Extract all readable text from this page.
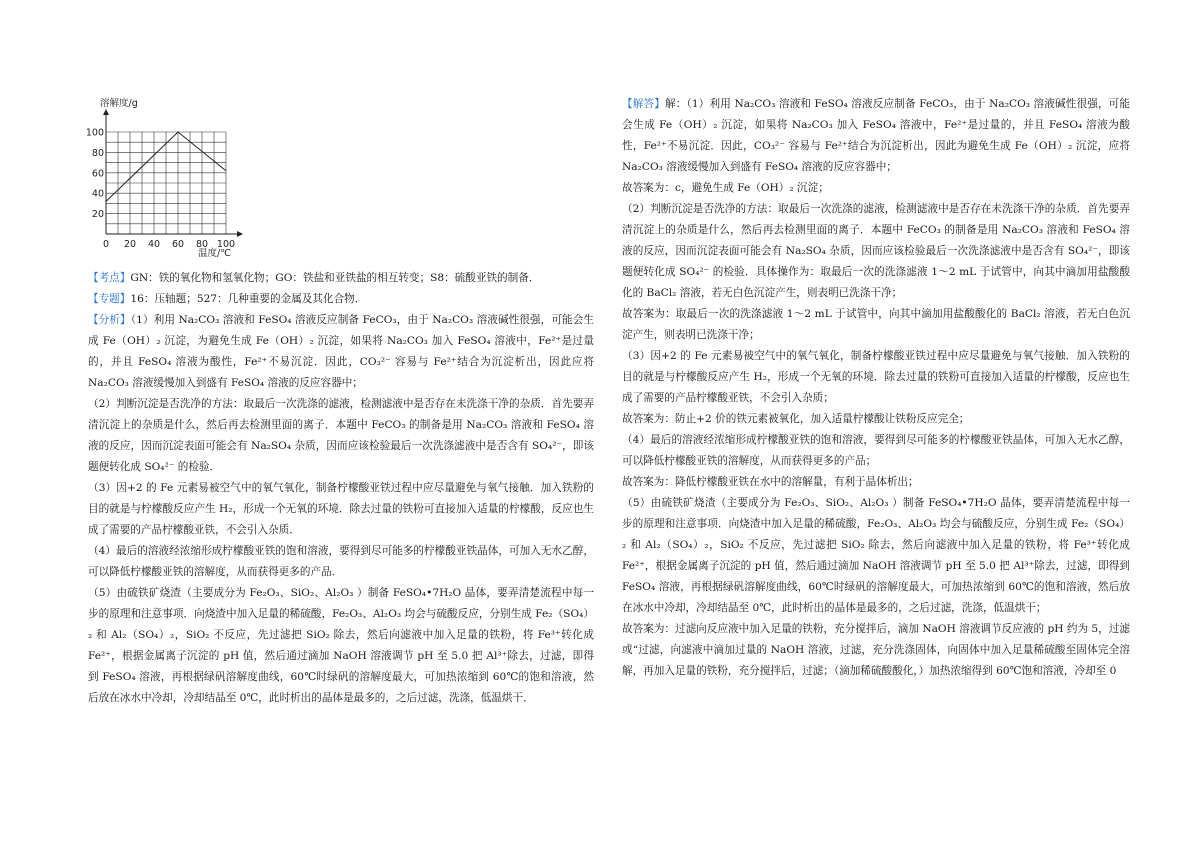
0 20 40 60 80 100
20
40
60
80
100
溶解度/g
温度/℃

【考点】GN：铁的氧化物和氢氧化物；GO：铁盐和亚铁盐的相互转变；S8：硫酸亚铁的制备．

【专题】16：压轴题；527：几种重要的金属及其化合物．

【分析】（1）利用 Na₂CO₃ 溶液和 FeSO₄ 溶液反应制备 FeCO₃，由于 Na₂CO₃ 溶液碱性很强，可能会生成 Fe（OH）₂ 沉淀，为避免生成 Fe（OH）₂ 沉淀，如果将 Na₂CO₃ 加入 FeSO₄ 溶液中，Fe²⁺是过量的，并且 FeSO₄ 溶液为酸性，Fe²⁺不易沉淀．因此，CO₃²⁻ 容易与 Fe²⁺结合为沉淀析出，因此应将 Na₂CO₃ 溶液缓慢加入到盛有 FeSO₄ 溶液的反应容器中；

（2）判断沉淀是否洗净的方法：取最后一次洗涤的滤液，检测滤液中是否存在未洗涤干净的杂质．首先要弄清沉淀上的杂质是什么，然后再去检测里面的离子．本题中 FeCO₃ 的制备是用 Na₂CO₃ 溶液和 FeSO₄ 溶液的反应，因而沉淀表面可能会有 Na₂SO₄ 杂质，因而应该检验最后一次洗涤滤液中是否含有 SO₄²⁻，即该题便转化成 SO₄²⁻ 的检验．

（3）因+2 的 Fe 元素易被空气中的氧气氧化，制备柠檬酸亚铁过程中应尽量避免与氧气接触．加入铁粉的目的就是与柠檬酸反应产生 H₂，形成一个无氧的环境．除去过量的铁粉可直接加入适量的柠檬酸，反应也生成了需要的产品柠檬酸亚铁，不会引入杂质．

（4）最后的溶液经浓缩形成柠檬酸亚铁的饱和溶液，要得到尽可能多的柠檬酸亚铁晶体，可加入无水乙醇，可以降低柠檬酸亚铁的溶解度，从而获得更多的产品．

（5）由硫铁矿烧渣（主要成分为 Fe₂O₃、SiO₂、Al₂O₃ ）制备 FeSO₄•7H₂O 晶体，要弄清楚流程中每一步的原理和注意事项．向烧渣中加入足量的稀硫酸，Fe₂O₃、Al₂O₃ 均会与硫酸反应，分别生成 Fe₂（SO₄）₂ 和 Al₂（SO₄）₂，SiO₂ 不反应，先过滤把 SiO₂ 除去，然后向滤液中加入足量的铁粉，将 Fe³⁺转化成 Fe²⁺，根据金属离子沉淀的 pH 值，然后通过滴加 NaOH 溶液调节 pH 至 5.0 把 Al³⁺除去，过滤，即得到 FeSO₄ 溶液，再根据绿矾溶解度曲线，60℃时绿矾的溶解度最大，可加热浓缩到 60℃的饱和溶液，然后放在冰水中冷却，冷却结晶至 0℃，此时析出的晶体是最多的，之后过滤，洗涤，低温烘干．

【解答】解：（1）利用 Na₂CO₃ 溶液和 FeSO₄ 溶液反应制备 FeCO₃，由于 Na₂CO₃ 溶液碱性很强，可能会生成 Fe（OH）₂ 沉淀，如果将 Na₂CO₃ 加入 FeSO₄ 溶液中，Fe²⁺是过量的，并且 FeSO₄ 溶液为酸性，Fe²⁺不易沉淀．因此，CO₃²⁻ 容易与 Fe²⁺结合为沉淀析出，因此为避免生成 Fe（OH）₂ 沉淀，应将 Na₂CO₃ 溶液缓慢加入到盛有 FeSO₄ 溶液的反应容器中；

故答案为：c，避免生成 Fe（OH）₂ 沉淀；

（2）判断沉淀是否洗净的方法：取最后一次洗涤的滤液，检测滤液中是否存在未洗涤干净的杂质．首先要弄清沉淀上的杂质是什么，然后再去检测里面的离子．本题中 FeCO₃ 的制备是用 Na₂CO₃ 溶液和 FeSO₄ 溶液的反应，因而沉淀表面可能会有 Na₂SO₄ 杂质，因而应该检验最后一次洗涤滤液中是否含有 SO₄²⁻，即该题便转化成 SO₄²⁻ 的检验．具体操作为：取最后一次的洗涤滤液 1～2 mL 于试管中，向其中滴加用盐酸酸化的 BaCl₂ 溶液，若无白色沉淀产生，则表明已洗涤干净；

故答案为：取最后一次的洗涤滤液 1～2 mL 于试管中，向其中滴加用盐酸酸化的 BaCl₂ 溶液，若无白色沉淀产生，则表明已洗涤干净；

（3）因+2 的 Fe 元素易被空气中的氧气氧化，制备柠檬酸亚铁过程中应尽量避免与氧气接触．加入铁粉的目的就是与柠檬酸反应产生 H₂，形成一个无氧的环境．除去过量的铁粉可直接加入适量的柠檬酸，反应也生成了需要的产品柠檬酸亚铁，不会引入杂质；

故答案为：防止+2 价的铁元素被氧化，加入适量柠檬酸让铁粉反应完全；

（4）最后的溶液经浓缩形成柠檬酸亚铁的饱和溶液，要得到尽可能多的柠檬酸亚铁晶体，可加入无水乙醇，可以降低柠檬酸亚铁的溶解度，从而获得更多的产品；

故答案为：降低柠檬酸亚铁在水中的溶解量，有利于晶体析出；

（5）由硫铁矿烧渣（主要成分为 Fe₂O₃、SiO₂、Al₂O₃ ）制备 FeSO₄•7H₂O 晶体，要弄清楚流程中每一步的原理和注意事项．向烧渣中加入足量的稀硫酸，Fe₂O₃、Al₂O₃ 均会与硫酸反应，分别生成 Fe₂（SO₄）₂ 和 Al₂（SO₄）₂，SiO₂ 不反应，先过滤把 SiO₂ 除去，然后向滤液中加入足量的铁粉，将 Fe³⁺转化成 Fe²⁺，根据金属离子沉淀的 pH 值，然后通过滴加 NaOH 溶液调节 pH 至 5.0 把 Al³⁺除去，过滤，即得到 FeSO₄ 溶液，再根据绿矾溶解度曲线，60℃时绿矾的溶解度最大，可加热浓缩到 60℃的饱和溶液，然后放在冰水中冷却，冷却结晶至 0℃，此时析出的晶体是最多的，之后过滤，洗涤，低温烘干；

故答案为：过滤向反应液中加入足量的铁粉，充分搅拌后，滴加 NaOH 溶液调节反应液的 pH 约为 5，过滤或“过滤，向滤液中滴加过量的 NaOH 溶液，过滤，充分洗涤固体，向固体中加入足量稀硫酸至固体完全溶解，再加入足量的铁粉，充分搅拌后，过滤；（滴加稀硫酸酸化，）加热浓缩得到 60℃饱和溶液，冷却至 0
